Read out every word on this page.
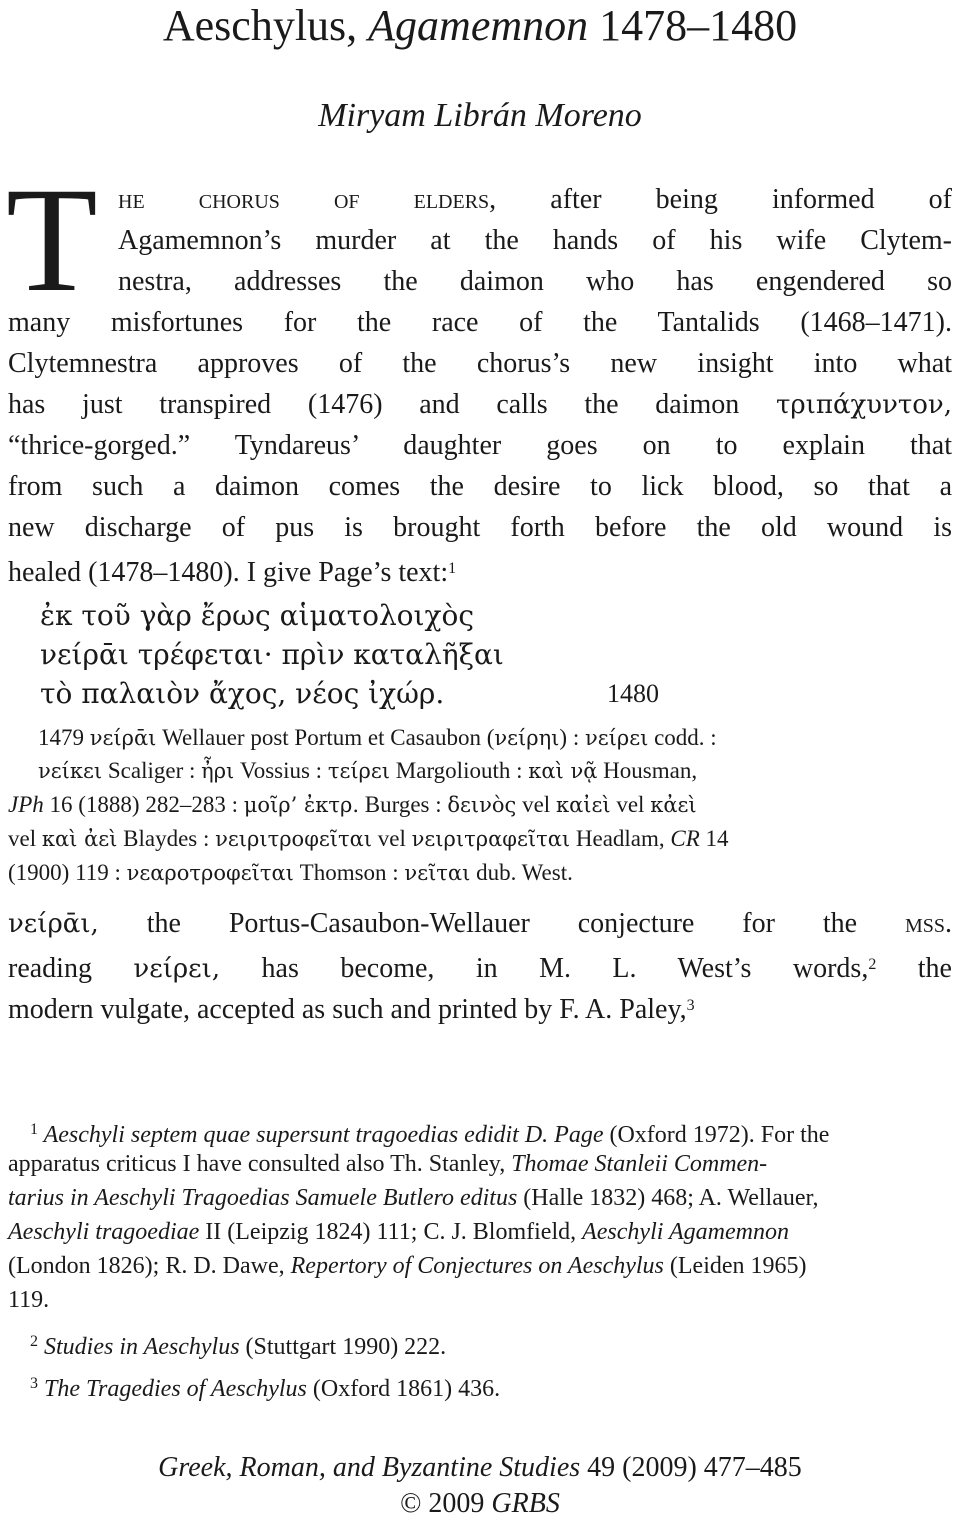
Aeschylus, Agamemnon 1478–1480
Miryam Librán Moreno
T he chorus of elders, after being informed of
Agamemnon’s murder at the hands of his wife Clytem-
nestra, addresses the daimon who has engendered so
many misfortunes for the race of the Tantalids (1468–1471).
Clytemnestra approves of the chorus’s new insight into what
has just transpired (1476) and calls the daimon τριπάχυντον,
“thrice-gorged.” Tyndareus’ daughter goes on to explain that
from such a daimon comes the desire to lick blood, so that a
new discharge of pus is brought forth before the old wound is
healed (1478–1480). I give Page’s text:$^1$
ἐκ τοῦ γὰρ ἔρως αἱματολοιχὸς
νείρᾱι τρέφεται· πρὶν καταλῆξαι
τὸ παλαιὸν ἄχος, νέος ἰχώρ.	1480
1479 νείρᾱι Wellauer post Portum et Casaubon (νείρηι) : νείρει codd. :
νείκει Scaliger : ἦρι Vossius : τείρει Margoliouth : καὶ νᾷ Housman,
JPh 16 (1888) 282–283 : μοῖρ’ ἐκτρ. Burges : δεινὸς vel καἰεὶ vel κἀεὶ
vel καὶ ἀεὶ Blaydes : νειριτροφεῖται vel νειριτραφεῖται Headlam, CR 14
(1900) 119 : νεαροτροφεῖται Thomson : νεῖται dub. West.
νείρᾱι, the Portus-Casaubon-Wellauer conjecture for the mss.
reading νείρει, has become, in M. L. West’s words,$^2$ the
modern vulgate, accepted as such and printed by F. A. Paley,$^3$
$^1$ Aeschyli septem quae supersunt tragoedias edidit D. Page (Oxford 1972). For the
apparatus criticus I have consulted also Th. Stanley, Thomae Stanleii Commen-
tarius in Aeschyli Tragoedias Samuele Butlero editus (Halle 1832) 468; A. Wellauer,
Aeschyli tragoediae II (Leipzig 1824) 111; C. J. Blomfield, Aeschyli Agamemnon
(London 1826); R. D. Dawe, Repertory of Conjectures on Aeschylus (Leiden 1965)
119.
$^2$ Studies in Aeschylus (Stuttgart 1990) 222.
$^3$ The Tragedies of Aeschylus (Oxford 1861) 436.
Greek, Roman, and Byzantine Studies 49 (2009) 477–485
© 2009 GRBS
